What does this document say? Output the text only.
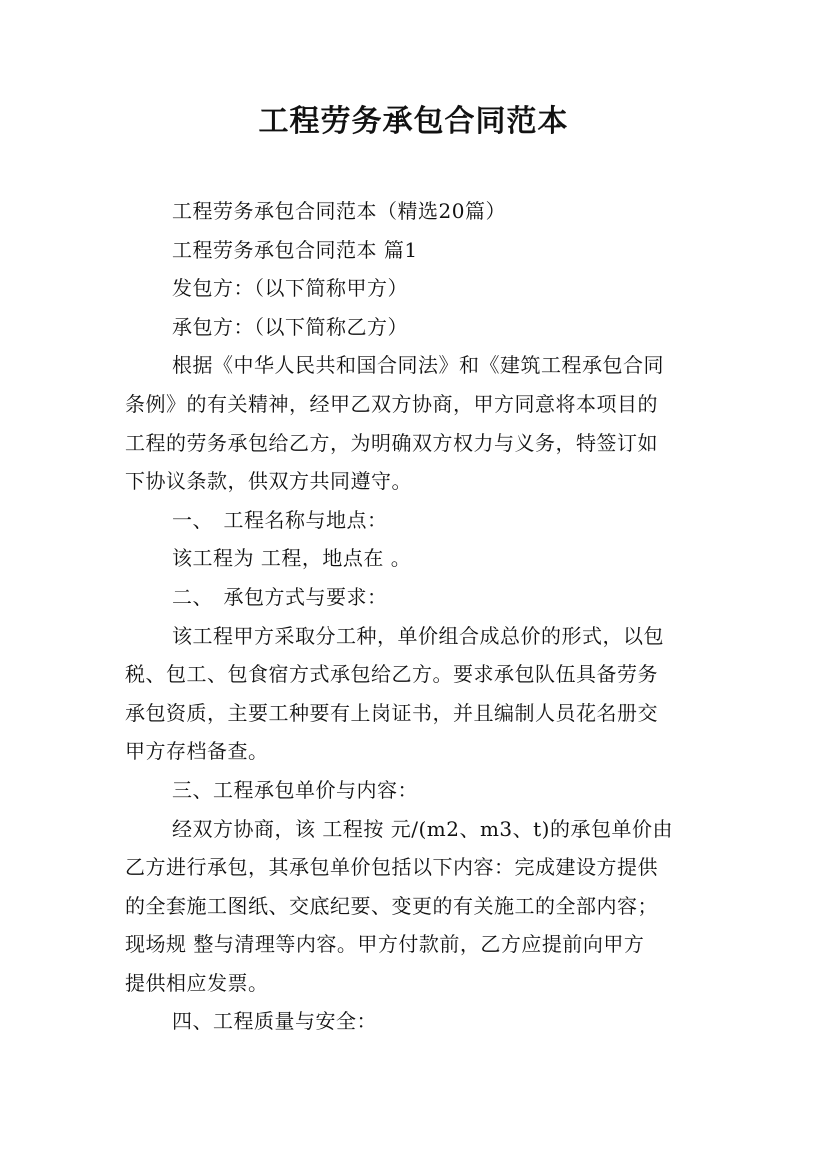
工程劳务承包合同范本
工程劳务承包合同范本（精选20篇）
工程劳务承包合同范本 篇1
发包方：（以下简称甲方）
承包方：（以下简称乙方）
根据《中华人民共和国合同法》和《建筑工程承包合同
条例》的有关精神，经甲乙双方协商，甲方同意将本项目的
工程的劳务承包给乙方，为明确双方权力与义务，特签订如
下协议条款，供双方共同遵守。
一、　工程名称与地点：
该工程为 工程，地点在 。
二、　承包方式与要求：
该工程甲方采取分工种，单价组合成总价的形式，以包
税、包工、包食宿方式承包给乙方。要求承包队伍具备劳务
承包资质，主要工种要有上岗证书，并且编制人员花名册交
甲方存档备查。
三、工程承包单价与内容：
经双方协商，该 工程按 元/(m2、m3、t)的承包单价由
乙方进行承包，其承包单价包括以下内容：完成建设方提供
的全套施工图纸、交底纪要、变更的有关施工的全部内容；
现场规 整与清理等内容。甲方付款前，乙方应提前向甲方
提供相应发票。
四、工程质量与安全：
